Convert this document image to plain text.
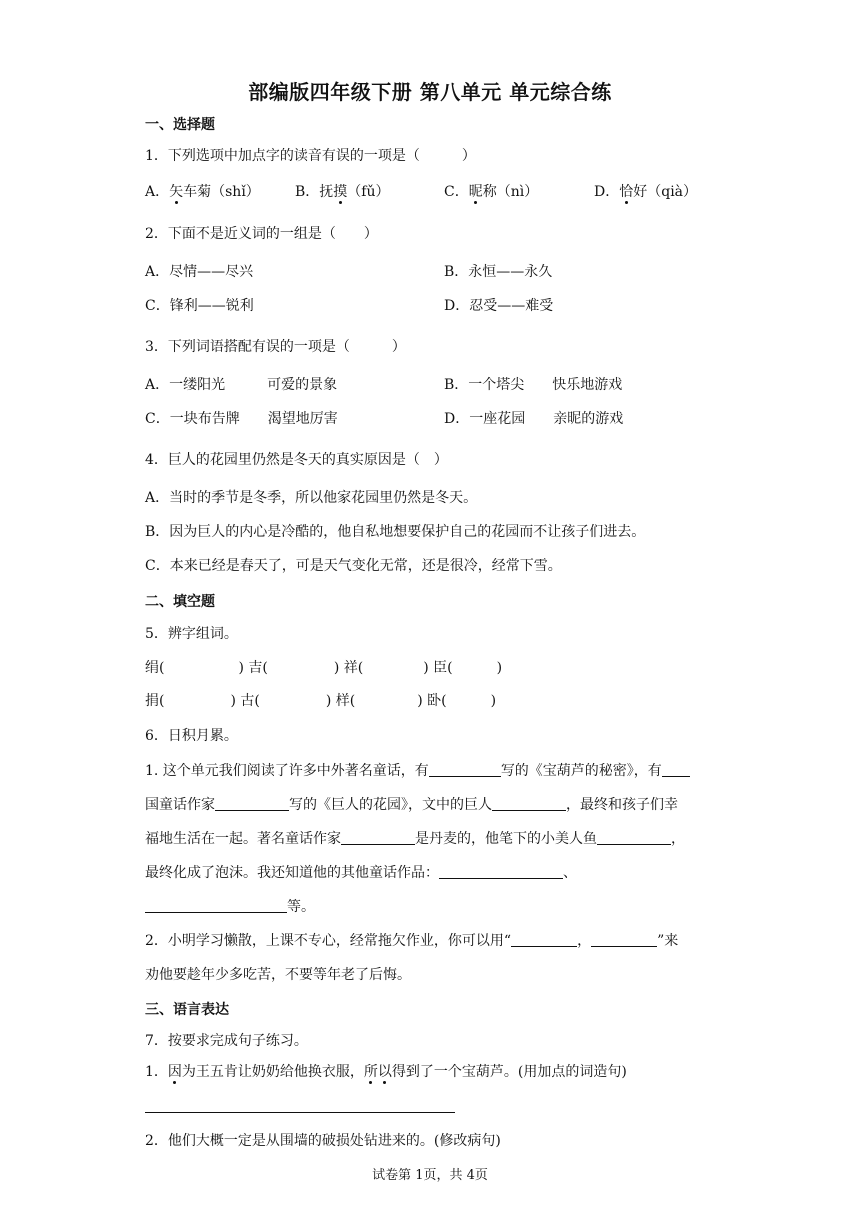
部编版四年级下册 第八单元 单元综合练
一、选择题
1．下列选项中加点字的读音有误的一项是（　　　）
A．矢车菊（shǐ）	B．抚摸（fǔ）	C．昵称（nì）	D．恰好（qià）
2．下面不是近义词的一组是（　　）
A．尽情——尽兴	B．永恒——永久
C．锋利——锐利	D．忍受——难受
3．下列词语搭配有误的一项是（　　　）
A．一缕阳光　　　可爱的景象	B．一个塔尖　　快乐地游戏
C．一块布告牌　　渴望地厉害	D．一座花园　　亲昵的游戏
4．巨人的花园里仍然是冬天的真实原因是（　）
A．当时的季节是冬季，所以他家花园里仍然是冬天。
B．因为巨人的内心是冷酷的，他自私地想要保护自己的花园而不让孩子们进去。
C．本来已经是春天了，可是天气变化无常，还是很冷，经常下雪。
二、填空题
5．辨字组词。
绢(	) 吉(	) 祥(	) 臣(	)
捐(	) 古(	) 样(	) 卧(	)
6．日积月累。
1. 这个单元我们阅读了许多中外著名童话，有	写的《宝葫芦的秘密》，有
国童话作家	写的《巨人的花园》，文中的巨人	，最终和孩子们幸
福地生活在一起。著名童话作家	是丹麦的，他笔下的小美人鱼	，
最终化成了泡沫。我还知道他的其他童话作品：	、
等。
2．小明学习懒散，上课不专心，经常拖欠作业，你可以用“	，	”来
劝他要趁年少多吃苦，不要等年老了后悔。
三、语言表达
7．按要求完成句子练习。
1．因为王五肯让奶奶给他换衣服，所以得到了一个宝葫芦。(用加点的词造句)
2．他们大概一定是从围墙的破损处钻进来的。(修改病句)
试卷第 1页，共 4页
